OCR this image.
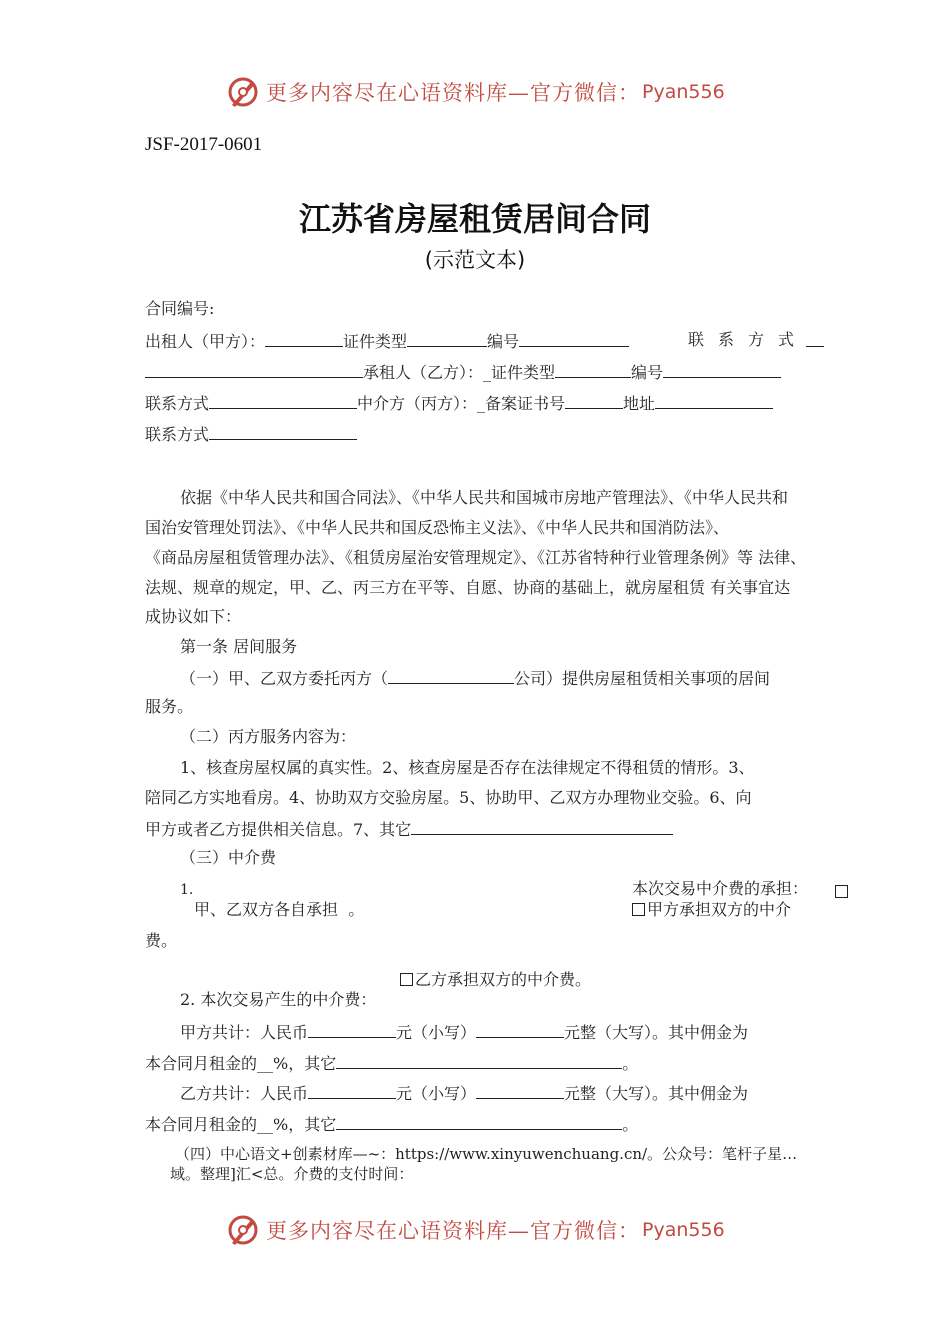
更多内容尽在心语资料库—官方微信： Pyan556
JSF-2017-0601
江苏省房屋租赁居间合同
(示范文本)
合同编号:
出租人（甲方）：	证件类型	编号	联系方式
承租人（乙方）：_证件类型	编号
联系方式	中介方（丙方）：_备案证书号	地址
联系方式
依据《中华人民共和国合同法》、《中华人民共和国城市房地产管理法》、《中华人民共和
国治安管理处罚法》、《中华人民共和国反恐怖主义法》、《中华人民共和国消防法》、
《商品房屋租赁管理办法》、《租赁房屋治安管理规定》、《江苏省特种行业管理条例》等 法律、
法规、规章的规定，甲、乙、丙三方在平等、自愿、协商的基础上，就房屋租赁 有关事宜达
成协议如下：
第一条 居间服务
（一）甲、乙双方委托丙方（	公司）提供房屋租赁相关事项的居间
服务。
（二）丙方服务内容为：
1、核查房屋权属的真实性。2、核查房屋是否存在法律规定不得租赁的情形。3、
陪同乙方实地看房。4、协助双方交验房屋。5、协助甲、乙双方办理物业交验。6、向
甲方或者乙方提供相关信息。7、其它
（三）中介费
1.	本次交易中介费的承担：
甲、乙双方各自承担 。	甲方承担双方的中介
费。
乙方承担双方的中介费。
2. 本次交易产生的中介费：
甲方共计：人民币	元（小写）	元整（大写）。其中佣金为
本合同月租金的__%，其它	。
乙方共计：人民币	元（小写）	元整（大写）。其中佣金为
本合同月租金的__%，其它	。
（四）中心语文+创素材库—~：https://www.xinyuwenchuang.cn/。公众号：笔杆子星…
域。整理]汇<总。介费的支付时间：
更多内容尽在心语资料库—官方微信： Pyan556
